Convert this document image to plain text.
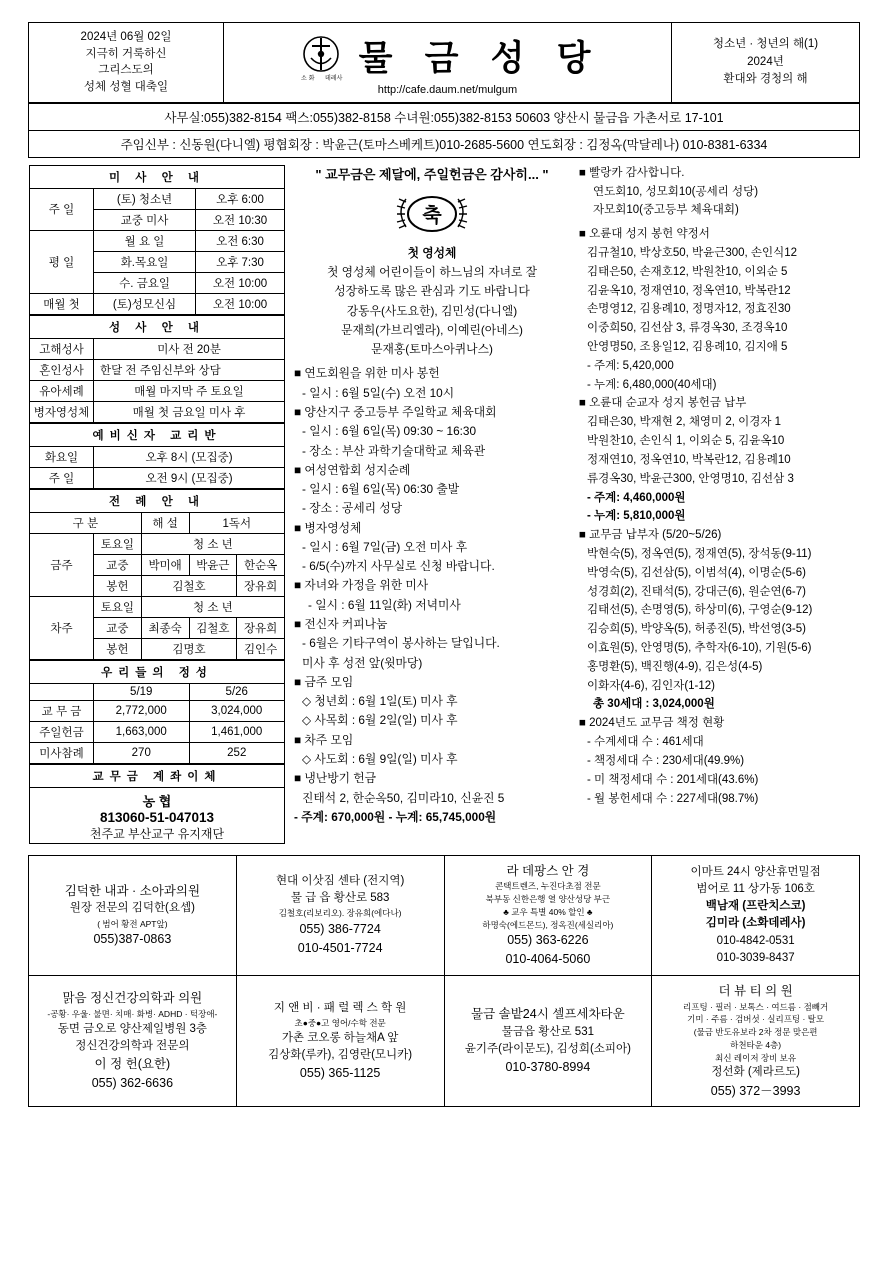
2024년 06월 02일
지극히 거룩하신
그리스도의
성체 성혈 대축일

소 화 데레사 물 금 성 당
http://cafe.daum.net/mulgum

청소년 · 청년의 해(1)
2024년
환대와 경청의 해
사무실:055)382-8154 팩스:055)382-8158 수녀원:055)382-8153 50603 양산시 물금읍 가촌서로 17-101
주임신부 : 신동원(다니엘) 평협회장 : 박윤근(토마스베케트)010-2685-5600 연도회장 : 김정옥(막달레나) 010-8381-6334
미 사 안 내
주 일	(토) 청소년	오후 6:00
교중 미사	오전 10:30
평 일	월 요 일	오전 6:30
화.목요일	오후 7:30
수. 금요일	오전 10:00
매월 첫	(토)성모신심	오전 10:00
성 사 안 내
고해성사	미사 전 20분
혼인성사	한달 전 주임신부와 상담
유아세례	매월 마지막 주 토요일
병자영성체	매월 첫 금요일 미사 후
예비신자 교리반
화요일	오후 8시 (모집중)
주 일	오전 9시 (모집중)
전 례 안 내
구 분	해 설	1독서
금주	토요일	청 소 년
교중	박미애	박윤근	한순옥
봉헌	김철호	장유희
차주	토요일	청 소 년
교중	최종숙	김철호	장유희
봉헌	김명호	김인수
우리들의 정성
	5/19	5/26
교 무 금	2,772,000	3,024,000
주일헌금	1,663,000	1,461,000
미사참례	270	252
교무금 계좌이체

농 협
813060-51-047013
천주교 부산교구 유지재단

" 교무금은 제달에, 주일헌금은 감사히... "
축

첫 영성체

첫 영성체 어린이들이 하느님의 자녀로 잘

성장하도록 많은 관심과 기도 바랍니다

강동우(사도요한), 김민성(다니엘)

문재희(가브리엘라), 이예린(아네스)

문재홍(토마스아퀴나스)

■ 연도회원을 위한 미사 봉헌

- 일시 : 6월 5일(수) 오전 10시

■ 양산지구 중고등부 주일학교 체육대회

- 일시 : 6월 6일(목) 09:30 ~ 16:30

- 장소 : 부산 과학기술대학교 체육관

■ 여성연합회 성지순례

- 일시 : 6월 6일(목) 06:30 출발

- 장소 : 공세리 성당

■ 병자영성체

- 일시 : 6월 7일(금) 오전 미사 후

- 6/5(수)까지 사무실로 신청 바랍니다.

■ 자녀와 가정을 위한 미사

- 일시 : 6월 11일(화) 저녁미사

■ 전신자 커피나눔

- 6월은 기타구역이 봉사하는 달입니다.

미사 후 성전 앞(윗마당)

■ 금주 모임

◇ 청년회 : 6월 1일(토) 미사 후

◇ 사목회 : 6월 2일(일) 미사 후

■ 차주 모임

◇ 사도회 : 6월 9일(일) 미사 후

■ 냉난방기 헌금

진태석 2, 한순옥50, 김미라10, 신윤진 5

- 주계: 670,000원 - 누계: 65,745,000원

■ 빨랑카 감사합니다.

연도회10, 성모회10(공세리 성당)

자모회10(중고등부 체육대회)

■ 오륜대 성지 봉헌 약정서

김규철10, 박상호50, 박윤근300, 손인식12

김태은50, 손재호12, 박원찬10, 이외순 5

김윤옥10, 정재연10, 정옥연10, 박복란12

손명영12, 김용례10, 정명자12, 정효진30

이중희50, 김선삼 3, 류경옥30, 조경옥10

안영명50, 조용일12, 김용례10, 김지애 5

- 주계: 5,420,000

- 누계: 6,480,000(40세대)

■ 오륜대 순교자 성지 봉헌금 납부

김태은30, 박재현 2, 채영미 2, 이경자 1

박원찬10, 손인식 1, 이외순 5, 김윤옥10

정재연10, 정옥연10, 박복란12, 김용례10

류경옥30, 박윤근300, 안영명10, 김선삼 3

- 주계: 4,460,000원

- 누계: 5,810,000원

■ 교무금 납부자 (5/20~5/26)

박현숙(5), 정옥연(5), 정재연(5), 장석동(9-11)

박영숙(5), 김선삼(5), 이범석(4), 이명순(5-6)

성경희(2), 진태석(5), 강대근(6), 원순연(6-7)

김태선(5), 손명영(5), 하상미(6), 구영순(9-12)

김승희(5), 박양옥(5), 허종진(5), 박선영(3-5)

이효원(5), 안영명(5), 추학자(6-10), 기원(5-6)

홍명환(5), 백진행(4-9), 김은성(4-5)

이화자(4-6), 김인자(1-12)

총 30세대 : 3,024,000원

■ 2024년도 교무금 책정 현황

- 수계세대 수 : 461세대

- 책정세대 수 : 230세대(49.9%)

- 미 책정세대 수 : 201세대(43.6%)

- 월 봉헌세대 수 : 227세대(98.7%)

김덕한 내과 · 소아과의원
원장 전문의 김덕한(요셉)
( 범어 황전 APT앞)
055)387-0863

현대 이삿짐 센타 (전지역)
물 급 읍 황산로 583
김철호(리보리오). 장유희(에다나)
055) 386-7724
010-4501-7724

라 데팡스 안 경
콘택트렌즈, 누진다초점 전문
북부동 신한은행 열 양산성당 부근
♣ 교우 특별 40% 할인 ♣
하명숙(에드몬드), 정옥진(세실리아)
055) 363-6226
010-4064-5060

이마트 24시 양산휴먼밀점
범어로 11 상가동 106호
백남재 (프란치스코)
김미라 (소화데레사)
010-4842-0531
010-3039-8437

맑음 정신건강의학과 의원
-공황· 우울· 불면· 치매· 화병· ADHD · 턱장애-
동면 금오로 양산제일병원 3층
정신건강의학과 전문의
이 정 헌(요한)
055) 362-6636

지 앤 비 · 패 럴 렉 스 학 원
초●중●고 영어/수학 전문
가촌 코오롱 하늘채A 앞
김상화(루카), 김영란(모니카)
055) 365-1125

물금 솔밭24시 셀프세차타운
물금읍 황산로 531
윤기주(라이문도), 김성희(소피아)
010-3780-8994

더 뷰 티 의 원
리프팅 · 필러 · 보톡스 · 여드름 · 점빼거
기미 · 주름 · 검버섯 · 실리프팅 · 탈모
(물금 반도유보라 2차 정문 맞은편
하천타운 4층)
최신 레이저 장비 보유
정선화 (제라르도)
055) 372－3993
